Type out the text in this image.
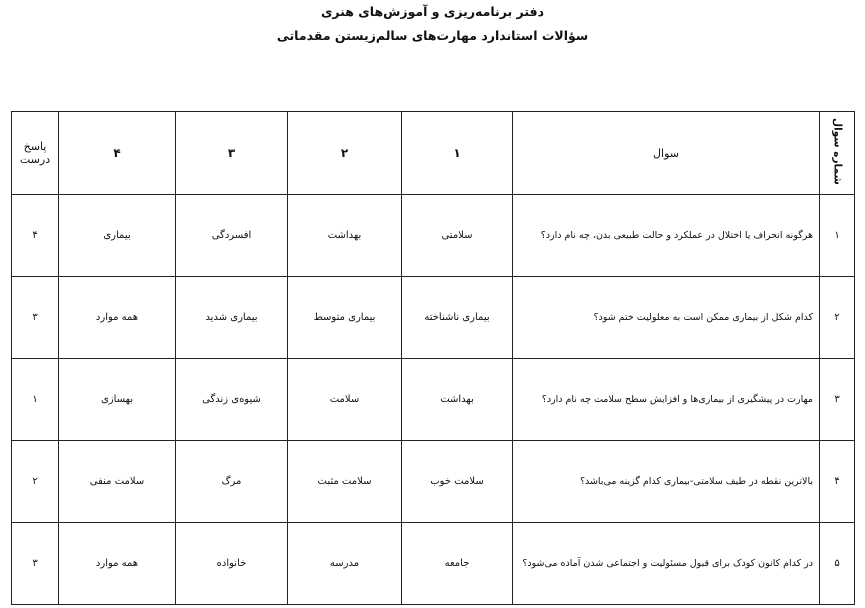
دفتر برنامه‌ریزی و آموزش‌های هنری
سؤالات استاندارد مهارت‌های سالم‌زیستن مقدماتی
شماره سوال	سوال	۱	۲	۳	۴	پاسخ درست
۱	هرگونه انحراف یا اختلال در عملکرد و حالت طبیعی بدن، چه نام دارد؟	سلامتی	بهداشت	افسردگی	بیماری	۴
۲	کدام شکل از بیماری ممکن است به معلولیت ختم شود؟	بیماری ناشناخته	بیماری متوسط	بیماری شدید	همه موارد	۳
۳	مهارت در پیشگیری از بیماری‌ها و افزایش سطح سلامت چه نام دارد؟	بهداشت	سلامت	شیوه‌ی زندگی	بهسازی	۱
۴	بالاترین نقطه در طیف سلامتی-بیماری کدام گزینه می‌باشد؟	سلامت خوب	سلامت مثبت	مرگ	سلامت منفی	۲
۵	در کدام کانون کودک برای قبول مسئولیت و اجتماعی شدن آماده می‌شود؟	جامعه	مدرسه	خانواده	همه موارد	۳
